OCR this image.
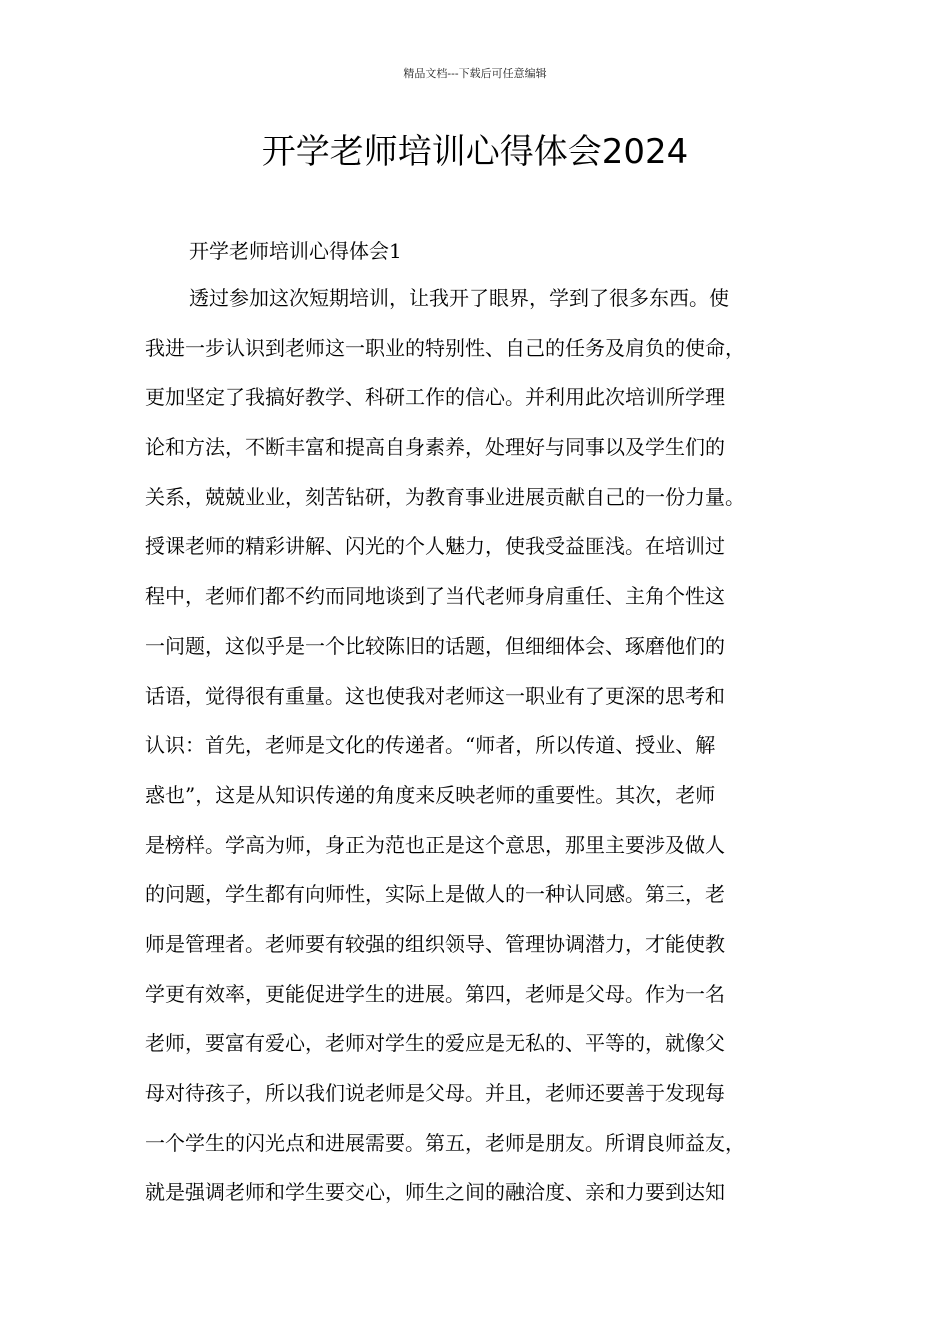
精品文档---下载后可任意编辑
开学老师培训心得体会2024
开学老师培训心得体会1
透过参加这次短期培训，让我开了眼界，学到了很多东西。使
我进一步认识到老师这一职业的特别性、自己的任务及肩负的使命，
更加坚定了我搞好教学、科研工作的信心。并利用此次培训所学理
论和方法，不断丰富和提高自身素养，处理好与同事以及学生们的
关系，兢兢业业，刻苦钻研，为教育事业进展贡献自己的一份力量。
授课老师的精彩讲解、闪光的个人魅力，使我受益匪浅。在培训过
程中，老师们都不约而同地谈到了当代老师身肩重任、主角个性这
一问题，这似乎是一个比较陈旧的话题，但细细体会、琢磨他们的
话语，觉得很有重量。这也使我对老师这一职业有了更深的思考和
认识：首先，老师是文化的传递者。“师者，所以传道、授业、解
惑也”，这是从知识传递的角度来反映老师的重要性。其次，老师
是榜样。学高为师，身正为范也正是这个意思，那里主要涉及做人
的问题，学生都有向师性，实际上是做人的一种认同感。第三，老
师是管理者。老师要有较强的组织领导、管理协调潜力，才能使教
学更有效率，更能促进学生的进展。第四，老师是父母。作为一名
老师，要富有爱心，老师对学生的爱应是无私的、平等的，就像父
母对待孩子，所以我们说老师是父母。并且，老师还要善于发现每
一个学生的闪光点和进展需要。第五，老师是朋友。所谓良师益友，
就是强调老师和学生要交心，师生之间的融洽度、亲和力要到达知
